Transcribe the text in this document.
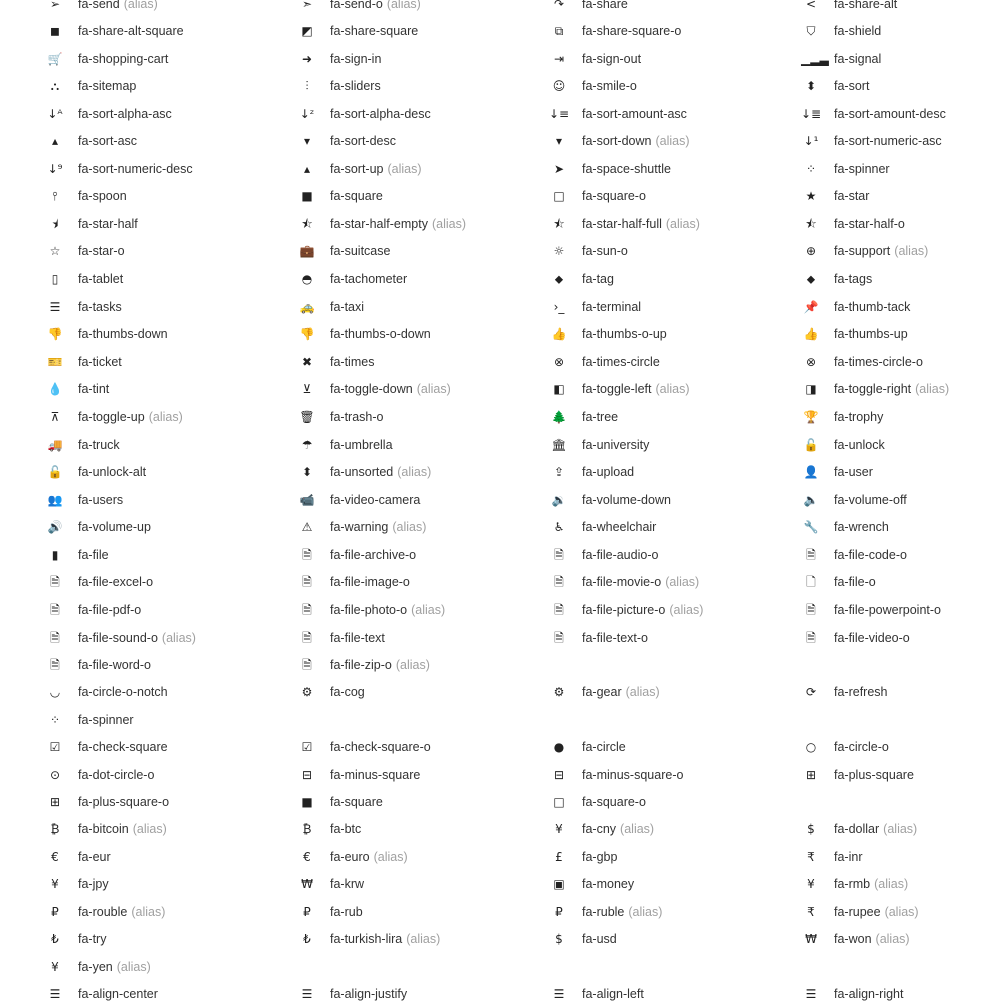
➢	fa-send (alias)	➣	fa-send-o (alias)	↷	fa-share	<	fa-share-alt
◼	fa-share-alt-square	◩	fa-share-square	⧉	fa-share-square-o	⛉	fa-shield
🛒 fa-shopping-cart	➜	fa-sign-in	⇥	fa-sign-out	▁▂▃ fa-signal
⛬	fa-sitemap	⫶	fa-sliders	☺	fa-smile-o	⬍	fa-sort
↓ᴬ fa-sort-alpha-asc	↓ᶻ fa-sort-alpha-desc	↓≡ fa-sort-amount-asc	↓≣ fa-sort-amount-desc
▴	fa-sort-asc	▾	fa-sort-desc	▾	fa-sort-down (alias)	↓¹ fa-sort-numeric-asc
↓⁹ fa-sort-numeric-desc	▴	fa-sort-up (alias)	➤	fa-space-shuttle	⁘	fa-spinner
⫯	fa-spoon	■	fa-square	□	fa-square-o	★	fa-star
⯨	fa-star-half	⯪	fa-star-half-empty (alias)	⯪	fa-star-half-full (alias)	⯪	fa-star-half-o
☆	fa-star-o	💼 fa-suitcase	☼	fa-sun-o	⊕	fa-support (alias)
▯	fa-tablet	◓	fa-tachometer	⬥	fa-tag	⬥	fa-tags
☰	fa-tasks	🚕 fa-taxi	›_	fa-terminal	📌 fa-thumb-tack
👎 fa-thumbs-down	👎 fa-thumbs-o-down	👍 fa-thumbs-o-up	👍 fa-thumbs-up
🎫 fa-ticket	✖	fa-times	⊗	fa-times-circle	⊗	fa-times-circle-o
💧 fa-tint	⊻	fa-toggle-down (alias)	◧	fa-toggle-left (alias)	◨	fa-toggle-right (alias)
⊼	fa-toggle-up (alias)	🗑 fa-trash-o	🌲 fa-tree	🏆 fa-trophy
🚚 fa-truck	☂	fa-umbrella	🏛 fa-university	🔓 fa-unlock
🔓 fa-unlock-alt	⬍	fa-unsorted (alias)	⇪	fa-upload	👤 fa-user
👥 fa-users	📹 fa-video-camera	🔉 fa-volume-down	🔈 fa-volume-off
🔊 fa-volume-up	⚠	fa-warning (alias)	♿	fa-wheelchair	🔧 fa-wrench
▮	fa-file	🗎	fa-file-archive-o	🗎	fa-file-audio-o	🗎	fa-file-code-o
🗎	fa-file-excel-o	🗎	fa-file-image-o	🗎	fa-file-movie-o (alias)	🗋	fa-file-o
🗎	fa-file-pdf-o	🗎	fa-file-photo-o (alias)	🗎	fa-file-picture-o (alias)	🗎	fa-file-powerpoint-o
🗎	fa-file-sound-o (alias)	🗎	fa-file-text	🗎	fa-file-text-o	🗎	fa-file-video-o
🗎	fa-file-word-o	🗎	fa-file-zip-o (alias)
◡	fa-circle-o-notch	⚙	fa-cog	⚙	fa-gear (alias)	⟳	fa-refresh
⁘	fa-spinner
☑	fa-check-square	☑	fa-check-square-o	●	fa-circle	○	fa-circle-o
⊙	fa-dot-circle-o	⊟	fa-minus-square	⊟	fa-minus-square-o	⊞	fa-plus-square
⊞	fa-plus-square-o	■	fa-square	□	fa-square-o
₿	fa-bitcoin (alias)	₿	fa-btc	¥	fa-cny (alias)	$	fa-dollar (alias)
€	fa-eur	€	fa-euro (alias)	£	fa-gbp	₹	fa-inr
¥	fa-jpy	₩	fa-krw	▣	fa-money	¥	fa-rmb (alias)
₽	fa-rouble (alias)	₽	fa-rub	₽	fa-ruble (alias)	₹	fa-rupee (alias)
₺	fa-try	₺	fa-turkish-lira (alias)	$	fa-usd	₩	fa-won (alias)
¥	fa-yen (alias)
☰	fa-align-center	☰	fa-align-justify	☰	fa-align-left	☰	fa-align-right
